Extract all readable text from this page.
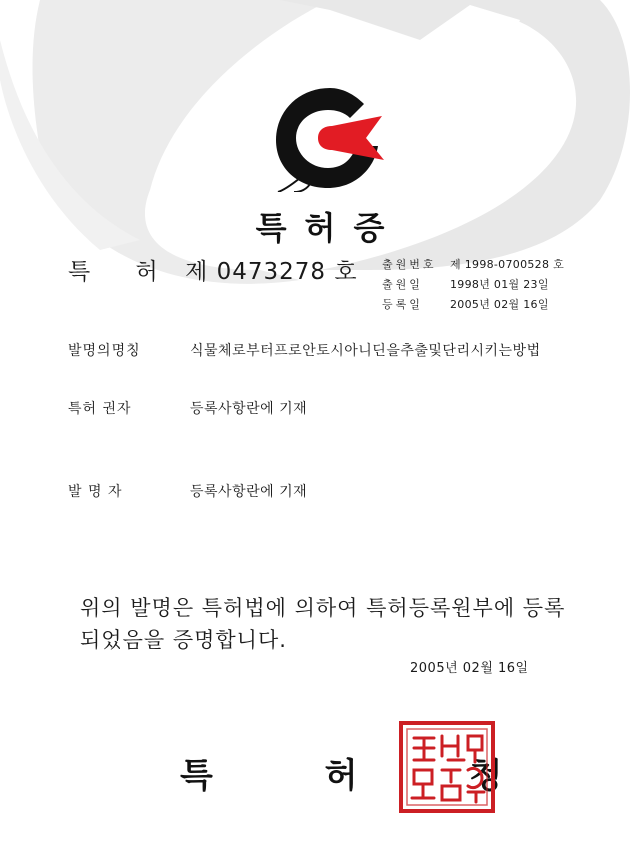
특허증
특 허 제 0473278 호 출원번호	제 1998-0700528 호
출원일	1998년 01월 23일
등록일	2005년 02월 16일
발명의명칭	식물체로부터프로안토시아니딘을추출및단리시키는방법
특허 권자	등록사항란에 기재
발 명 자	등록사항란에 기재
위의 발명은 특허법에 의하여 특허등록원부에 등록
되었음을 증명합니다.
2005년 02월 16일
특 허 청
